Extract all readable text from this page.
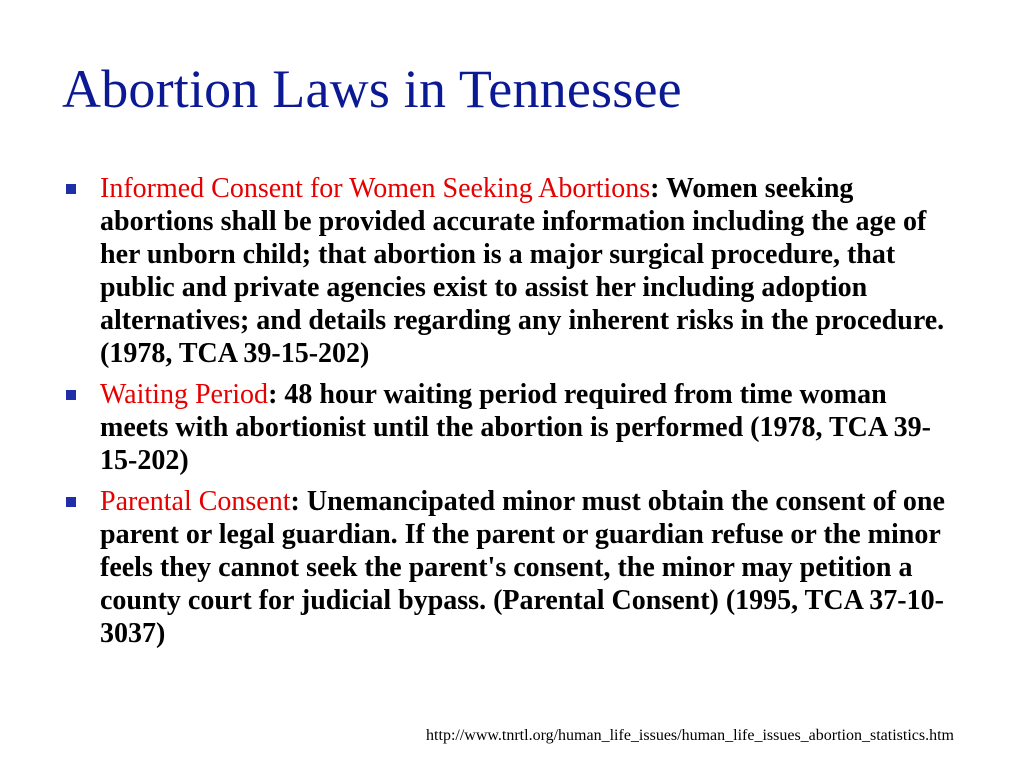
Abortion Laws in Tennessee
Informed Consent for Women Seeking Abortions: Women seeking abortions shall be provided accurate information including the age of her unborn child; that abortion is a major surgical procedure, that public and private agencies exist to assist her including adoption alternatives; and details regarding any inherent risks in the procedure. (1978, TCA 39-15-202)
Waiting Period: 48 hour waiting period required from time woman meets with abortionist until the abortion is performed (1978, TCA 39-15-202)
Parental Consent: Unemancipated minor must obtain the consent of one parent or legal guardian. If the parent or guardian refuse or the minor feels they cannot seek the parent's consent, the minor may petition a county court for judicial bypass. (Parental Consent) (1995, TCA 37-10-3037)
http://www.tnrtl.org/human_life_issues/human_life_issues_abortion_statistics.htm
